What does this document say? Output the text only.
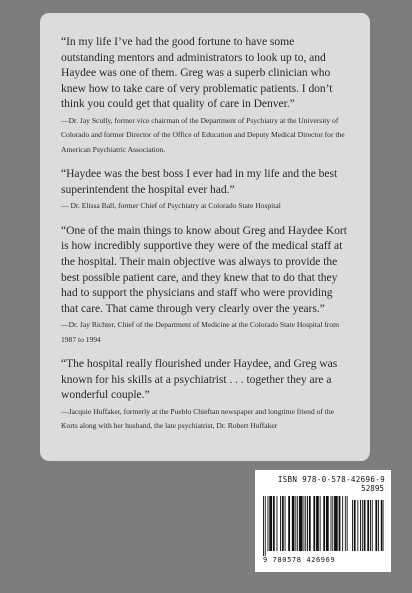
“In my life I’ve had the good fortune to have some outstanding mentors and administrators to look up to, and Haydee was one of them. Greg was a superb clinician who knew how to take care of very problematic patients. I don’t think you could get that quality of care in Denver.”

—Dr. Jay Scully, former vice chairman of the Department of Psychiatry at the University of Colorado and former Director of the Office of Education and Deputy Medical Director for the American Psychiatric Association.

“Haydee was the best boss I ever had in my life and the best superintendent the hospital ever had.”

— Dr. Elissa Ball, former Chief of Psychiatry at Colorado State Hospital

“One of the main things to know about Greg and Haydee Kort is how incredibly supportive they were of the medical staff at the hospital. Their main objective was always to provide the best possible patient care, and they knew that to do that they had to support the physicians and staff who were providing that care. That came through very clearly over the years.”

—Dr. Jay Richter, Chief of the Department of Medicine at the Colorado State Hospital from 1987 to 1994

“The hospital really flourished under Haydee, and Greg was known for his skills at a psychiatrist . . . together they are a wonderful couple.”

—Jacquie Huffaker, formerly at the Pueblo Chieftan newspaper and longtime friend of the Korts along with her husband, the late psychiatrist, Dr. Robert Huffaker

ISBN 978-0-578-42696-9

52895

9 780578 426969
